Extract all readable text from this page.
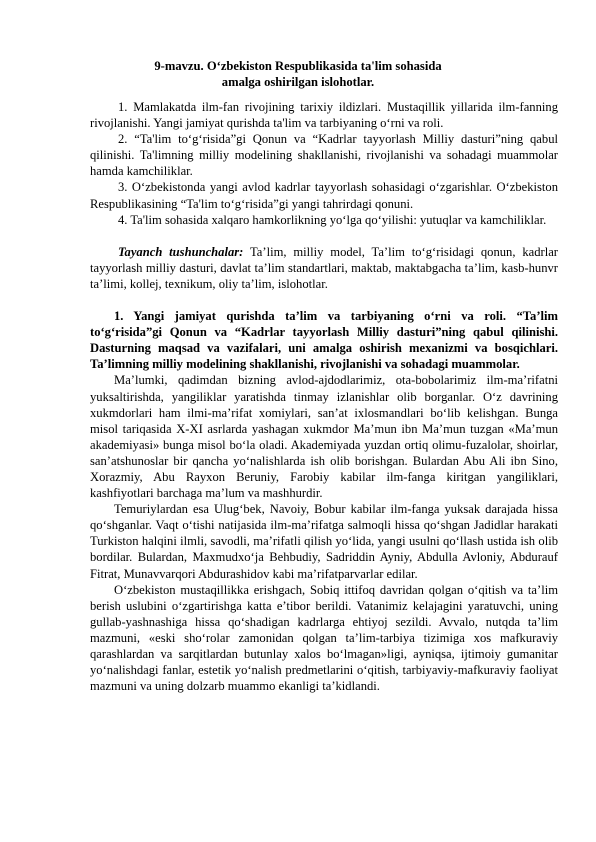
9-mavzu. O‘zbekiston Respublikasida ta'lim sohasida
amalga oshirilgan islohotlar.

1. Mamlakatda ilm-fan rivojining tarixiy ildizlari. Mustaqillik yillarida ilm-fanning rivojlanishi. Yangi jamiyat qurishda ta'lim va tarbiyaning o‘rni va roli.

2. “Ta'lim to‘g‘risida”gi Qonun va “Kadrlar tayyorlash Milliy dasturi”ning qabul qilinishi. Ta'limning milliy modelining shakllanishi, rivojlanishi va sohadagi muammolar hamda kamchiliklar.

3. O‘zbekistonda yangi avlod kadrlar tayyorlash sohasidagi o‘zgarishlar. O‘zbekiston Respublikasining “Ta'lim to‘g‘risida”gi yangi tahrirdagi qonuni.

4. Ta'lim sohasida xalqaro hamkorlikning yo‘lga qo‘yilishi: yutuqlar va kamchiliklar.

Tayanch tushunchalar: Ta’lim, milliy model, Ta’lim to‘g‘risidagi qonun, kadrlar tayyorlash milliy dasturi, davlat ta’lim standartlari, maktab, maktabgacha ta’lim, kasb-hunvr ta’limi, kollej, texnikum, oliy ta’lim, islohotlar.

1. Yangi jamiyat qurishda ta’lim va tarbiyaning o‘rni va roli. “Ta’lim to‘g‘risida”gi Qonun va “Kadrlar tayyorlash Milliy dasturi”ning qabul qilinishi. Dasturning maqsad va vazifalari, uni amalga oshirish mexanizmi va bosqichlari. Ta’limning milliy modelining shakllanishi, rivojlanishi va sohadagi muammolar.

Ma’lumki, qadimdan bizning avlod-ajdodlarimiz, ota-bobolarimiz ilm-ma’rifatni yuksaltirishda, yangiliklar yaratishda tinmay izlanishlar olib borganlar. O‘z davrining xukmdorlari ham ilmi-ma’rifat xomiylari, san’at ixlosmandlari bo‘lib kelishgan. Bunga misol tariqasida X-XI asrlarda yashagan xukmdor Ma’mun ibn Ma’mun tuzgan «Ma’mun akademiyasi» bunga misol bo‘la oladi. Akademiyada yuzdan ortiq olimu-fuzalolar, shoirlar, san’atshunoslar bir qancha yo‘nalishlarda ish olib borishgan. Bulardan Abu Ali ibn Sino, Xorazmiy, Abu Rayxon Beruniy, Farobiy kabilar ilm-fanga kiritgan yangiliklari, kashfiyotlari barchaga ma’lum va mashhurdir.

Temuriylardan esa Ulug‘bek, Navoiy, Bobur kabilar ilm-fanga yuksak darajada hissa qo‘shganlar. Vaqt o‘tishi natijasida ilm-ma’rifatga salmoqli hissa qo‘shgan Jadidlar harakati Turkiston halqini ilmli, savodli, ma’rifatli qilish yo‘lida, yangi usulni qo‘llash ustida ish olib bordilar. Bulardan, Maxmudxo‘ja Behbudiy, Sadriddin Ayniy, Abdulla Avloniy, Abdurauf Fitrat, Munavvarqori Abdurashidov kabi ma’rifatparvarlar edilar.

O‘zbekiston mustaqillikka erishgach, Sobiq ittifoq davridan qolgan o‘qitish va ta’lim berish uslubini o‘zgartirishga katta e’tibor berildi. Vatanimiz kelajagini yaratuvchi, uning gullab-yashnashiga hissa qo‘shadigan kadrlarga ehtiyoj sezildi. Avvalo, nutqda ta’lim mazmuni, «eski sho‘rolar zamonidan qolgan ta’lim-tarbiya tizimiga xos mafkuraviy qarashlardan va sarqitlardan butunlay xalos bo‘lmagan»ligi, ayniqsa, ijtimoiy gumanitar yo‘nalishdagi fanlar, estetik yo‘nalish predmetlarini o‘qitish, tarbiyaviy-mafkuraviy faoliyat mazmuni va uning dolzarb muammo ekanligi ta’kidlandi.
